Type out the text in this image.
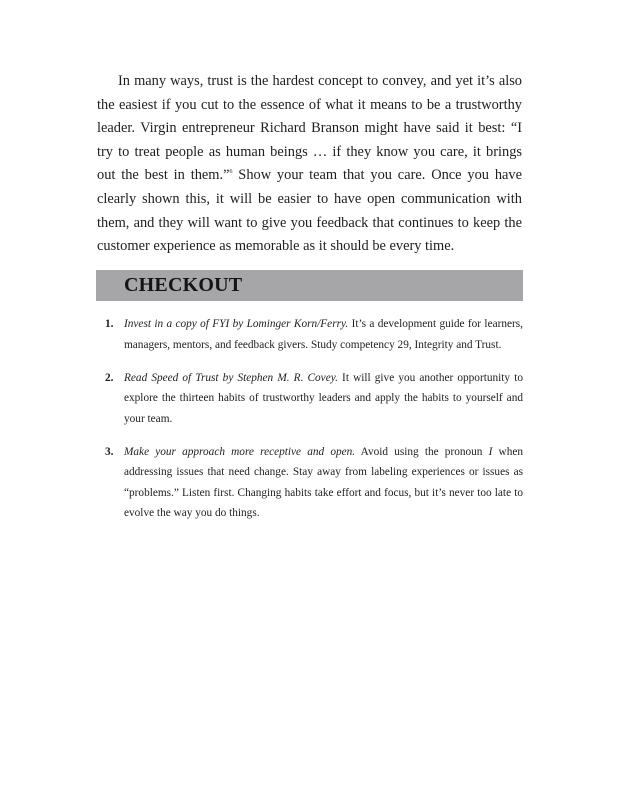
In many ways, trust is the hardest concept to convey, and yet it’s also the easiest if you cut to the essence of what it means to be a trustworthy leader. Virgin entrepreneur Richard Branson might have said it best: “I try to treat people as human beings … if they know you care, it brings out the best in them.”$^6$ Show your team that you care. Once you have clearly shown this, it will be easier to have open communication with them, and they will want to give you feedback that continues to keep the customer experience as memorable as it should be every time.

CHECKOUT
1. Invest in a copy of FYI by Lominger Korn/Ferry. It’s a development guide for learners, managers, mentors, and feedback givers. Study competency 29, Integrity and Trust.
2. Read Speed of Trust by Stephen M. R. Covey. It will give you another opportunity to explore the thirteen habits of trustworthy leaders and apply the habits to yourself and your team.
3. Make your approach more receptive and open. Avoid using the pronoun I when addressing issues that need change. Stay away from labeling experiences or issues as “problems.” Listen first. Changing habits take effort and focus, but it’s never too late to evolve the way you do things.
